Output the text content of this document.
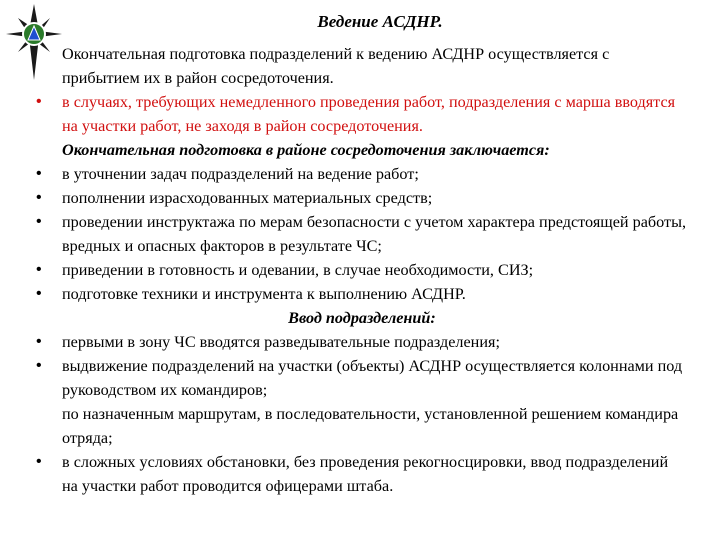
Ведение АСДНР.
Окончательная подготовка подразделений к ведению АСДНР осуществляется с прибытием их в район сосредоточения.
• в случаях, требующих немедленного проведения работ, подразделения с марша вводятся на участки работ, не заходя в район сосредоточения.
Окончательная подготовка в районе сосредоточения заключается:
• в уточнении задач подразделений на ведение работ;
• пополнении израсходованных материальных средств;
• проведении инструктажа по мерам безопасности с учетом характера предстоящей работы, вредных и опасных факторов в результате ЧС;
• приведении в готовность и одевании, в случае необходимости, СИЗ;
• подготовке техники и инструмента к выполнению АСДНР.
Ввод подразделений:
• первыми в зону ЧС вводятся разведывательные подразделения;
• выдвижение подразделений на участки (объекты) АСДНР осуществляется колоннами под руководством их командиров;
по назначенным маршрутам, в последовательности, установленной решением командира отряда;
• в сложных условиях обстановки, без проведения рекогносцировки, ввод подразделений на участки работ проводится офицерами штаба.
